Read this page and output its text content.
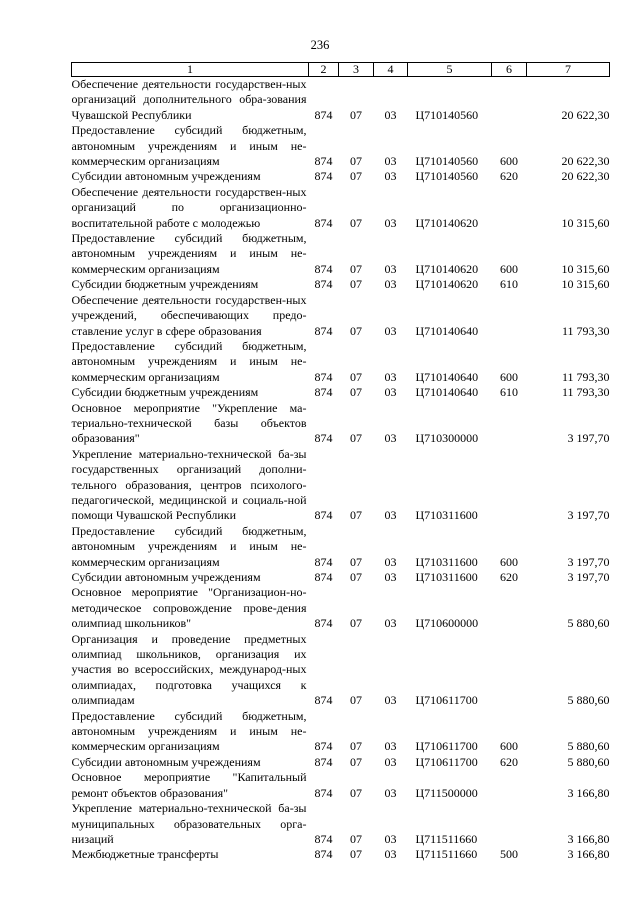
236
1	2	3	4	5	6	7
Обеспечение деятельности государствен-ных организаций дополнительного обра-зования Чувашской Республики	874	07	03	Ц710140560		20 622,30
Предоставление субсидий бюджетным, автономным учреждениям и иным не-коммерческим организациям	874	07	03	Ц710140560	600	20 622,30
Субсидии автономным учреждениям	874	07	03	Ц710140560	620	20 622,30
Обеспечение деятельности государствен-ных организаций по организационно-воспитательной работе с молодежью	874	07	03	Ц710140620		10 315,60
Предоставление субсидий бюджетным, автономным учреждениям и иным не-коммерческим организациям	874	07	03	Ц710140620	600	10 315,60
Субсидии бюджетным учреждениям	874	07	03	Ц710140620	610	10 315,60
Обеспечение деятельности государствен-ных учреждений, обеспечивающих предо-ставление услуг в сфере образования	874	07	03	Ц710140640		11 793,30
Предоставление субсидий бюджетным, автономным учреждениям и иным не-коммерческим организациям	874	07	03	Ц710140640	600	11 793,30
Субсидии бюджетным учреждениям	874	07	03	Ц710140640	610	11 793,30
Основное мероприятие "Укрепление ма-териально-технической базы объектов образования"	874	07	03	Ц710300000		3 197,70
Укрепление материально-технической ба-зы государственных организаций дополни-тельного образования, центров психолого-педагогической, медицинской и социаль-ной помощи Чувашской Республики	874	07	03	Ц710311600		3 197,70
Предоставление субсидий бюджетным, автономным учреждениям и иным не-коммерческим организациям	874	07	03	Ц710311600	600	3 197,70
Субсидии автономным учреждениям	874	07	03	Ц710311600	620	3 197,70
Основное мероприятие "Организацион-но-методическое сопровождение прове-дения олимпиад школьников"	874	07	03	Ц710600000		5 880,60
Организация и проведение предметных олимпиад школьников, организация их участия во всероссийских, международ-ных олимпиадах, подготовка учащихся к олимпиадам	874	07	03	Ц710611700		5 880,60
Предоставление субсидий бюджетным, автономным учреждениям и иным не-коммерческим организациям	874	07	03	Ц710611700	600	5 880,60
Субсидии автономным учреждениям	874	07	03	Ц710611700	620	5 880,60
Основное мероприятие "Капитальный ремонт объектов образования"	874	07	03	Ц711500000		3 166,80
Укрепление материально-технической ба-зы муниципальных образовательных орга-низаций	874	07	03	Ц711511660		3 166,80
Межбюджетные трансферты	874	07	03	Ц711511660	500	3 166,80
